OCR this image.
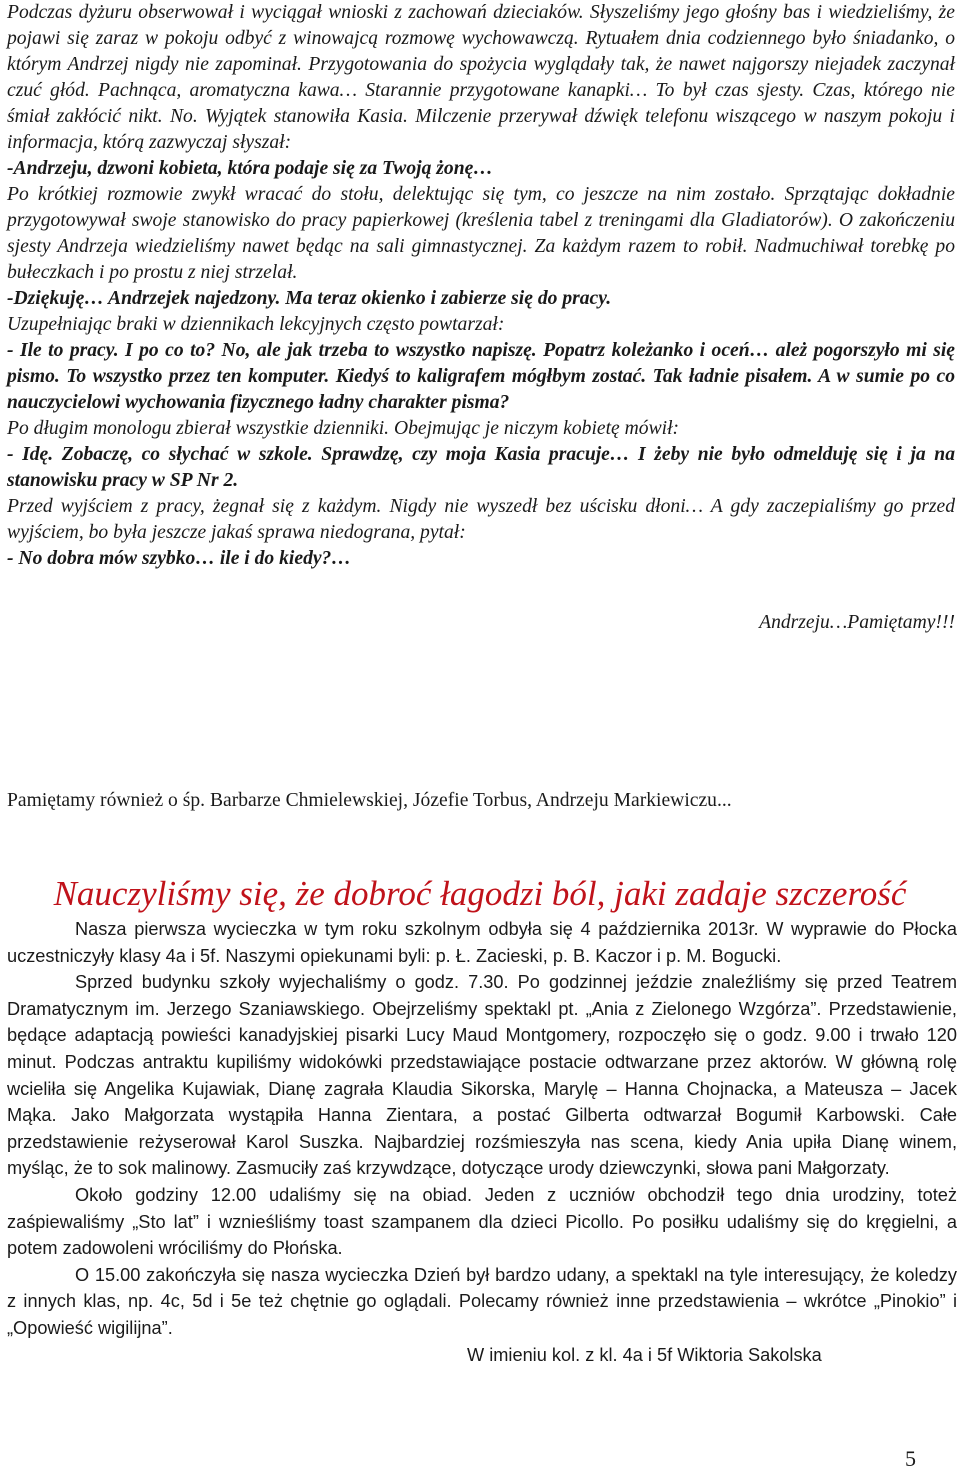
Podczas dyżuru obserwował i wyciągał wnioski z zachowań dzieciaków. Słyszeliśmy jego głośny bas i wiedzieliśmy, że pojawi się zaraz w pokoju odbyć z winowajcą rozmowę wychowawczą. Rytuałem dnia codziennego było śniadanko, o którym Andrzej nigdy nie zapominał. Przygotowania do spożycia wyglądały tak, że nawet najgorszy niejadek zaczynał czuć głód. Pachnąca, aromatyczna kawa… Starannie przygotowane kanapki… To był czas sjesty. Czas, którego nie śmiał zakłócić nikt. No. Wyjątek stanowiła Kasia. Milczenie przerywał dźwięk telefonu wiszącego w naszym pokoju i informacja, którą zazwyczaj słyszał:

-Andrzeju, dzwoni kobieta, która podaje się za Twoją żonę…

Po krótkiej rozmowie zwykł wracać do stołu, delektując się tym, co jeszcze na nim zostało. Sprzątając dokładnie przygotowywał swoje stanowisko do pracy papierkowej (kreślenia tabel z treningami dla Gladiatorów). O zakończeniu sjesty Andrzeja wiedzieliśmy nawet będąc na sali gimnastycznej. Za każdym razem to robił. Nadmuchiwał torebkę po bułeczkach i po prostu z niej strzelał.

-Dziękuję… Andrzejek najedzony. Ma teraz okienko i zabierze się do pracy.

Uzupełniając braki w dziennikach lekcyjnych często powtarzał:

- Ile to pracy. I po co to? No, ale jak trzeba to wszystko napiszę. Popatrz koleżanko i oceń… ależ pogorszyło mi się pismo. To wszystko przez ten komputer. Kiedyś to kaligrafem mógłbym zostać. Tak ładnie pisałem. A w sumie po co nauczycielowi wychowania fizycznego ładny charakter pisma?

Po długim monologu zbierał wszystkie dzienniki. Obejmując je niczym kobietę mówił:

- Idę. Zobaczę, co słychać w szkole. Sprawdzę, czy moja Kasia pracuje… I żeby nie było odmelduję się i ja na stanowisku pracy w SP Nr 2.

Przed wyjściem z pracy, żegnał się z każdym. Nigdy nie wyszedł bez uścisku dłoni… A gdy zaczepialiśmy go przed wyjściem, bo była jeszcze jakaś sprawa niedograna, pytał:

- No dobra mów szybko… ile i do kiedy?…

Andrzeju…Pamiętamy!!!

Pamiętamy również o śp. Barbarze Chmielewskiej, Józefie Torbus, Andrzeju Markiewiczu...
Nauczyliśmy się, że dobroć łagodzi ból, jaki zadaje szczerość

Nasza pierwsza wycieczka w tym roku szkolnym odbyła się 4 października 2013r. W wyprawie do Płocka uczestniczyły klasy 4a i 5f. Naszymi opiekunami byli: p. Ł. Zacieski, p. B. Kaczor i p. M. Bogucki.

Sprzed budynku szkoły wyjechaliśmy o godz. 7.30. Po godzinnej jeździe znaleźliśmy się przed Teatrem Dramatycznym im. Jerzego Szaniawskiego. Obejrzeliśmy spektakl pt. „Ania z Zielonego Wzgórza”. Przedstawienie, będące adaptacją powieści kanadyjskiej pisarki Lucy Maud Montgomery, rozpoczęło się o godz. 9.00 i trwało 120 minut. Podczas antraktu kupiliśmy widokówki przedstawiające postacie odtwarzane przez aktorów. W główną rolę wcieliła się Angelika Kujawiak, Dianę zagrała Klaudia Sikorska, Marylę – Hanna Chojnacka, a Mateusza – Jacek Mąka. Jako Małgorzata wystąpiła Hanna Zientara, a postać Gilberta odtwarzał Bogumił Karbowski. Całe przedstawienie reżyserował Karol Suszka. Najbardziej rozśmieszyła nas scena, kiedy Ania upiła Dianę winem, myśląc, że to sok malinowy. Zasmuciły zaś krzywdzące, dotyczące urody dziewczynki, słowa pani Małgorzaty.

Około godziny 12.00 udaliśmy się na obiad. Jeden z uczniów obchodził tego dnia urodziny, toteż zaśpiewaliśmy „Sto lat” i wznieśliśmy toast szampanem dla dzieci Picollo. Po posiłku udaliśmy się do kręgielni, a potem zadowoleni wróciliśmy do Płońska.

O 15.00 zakończyła się nasza wycieczka Dzień był bardzo udany, a spektakl na tyle interesujący, że koledzy z innych klas, np. 4c, 5d i 5e też chętnie go oglądali. Polecamy również inne przedstawienia – wkrótce „Pinokio” i „Opowieść wigilijna”.

W imieniu kol. z kl. 4a i 5f Wiktoria Sakolska

5
